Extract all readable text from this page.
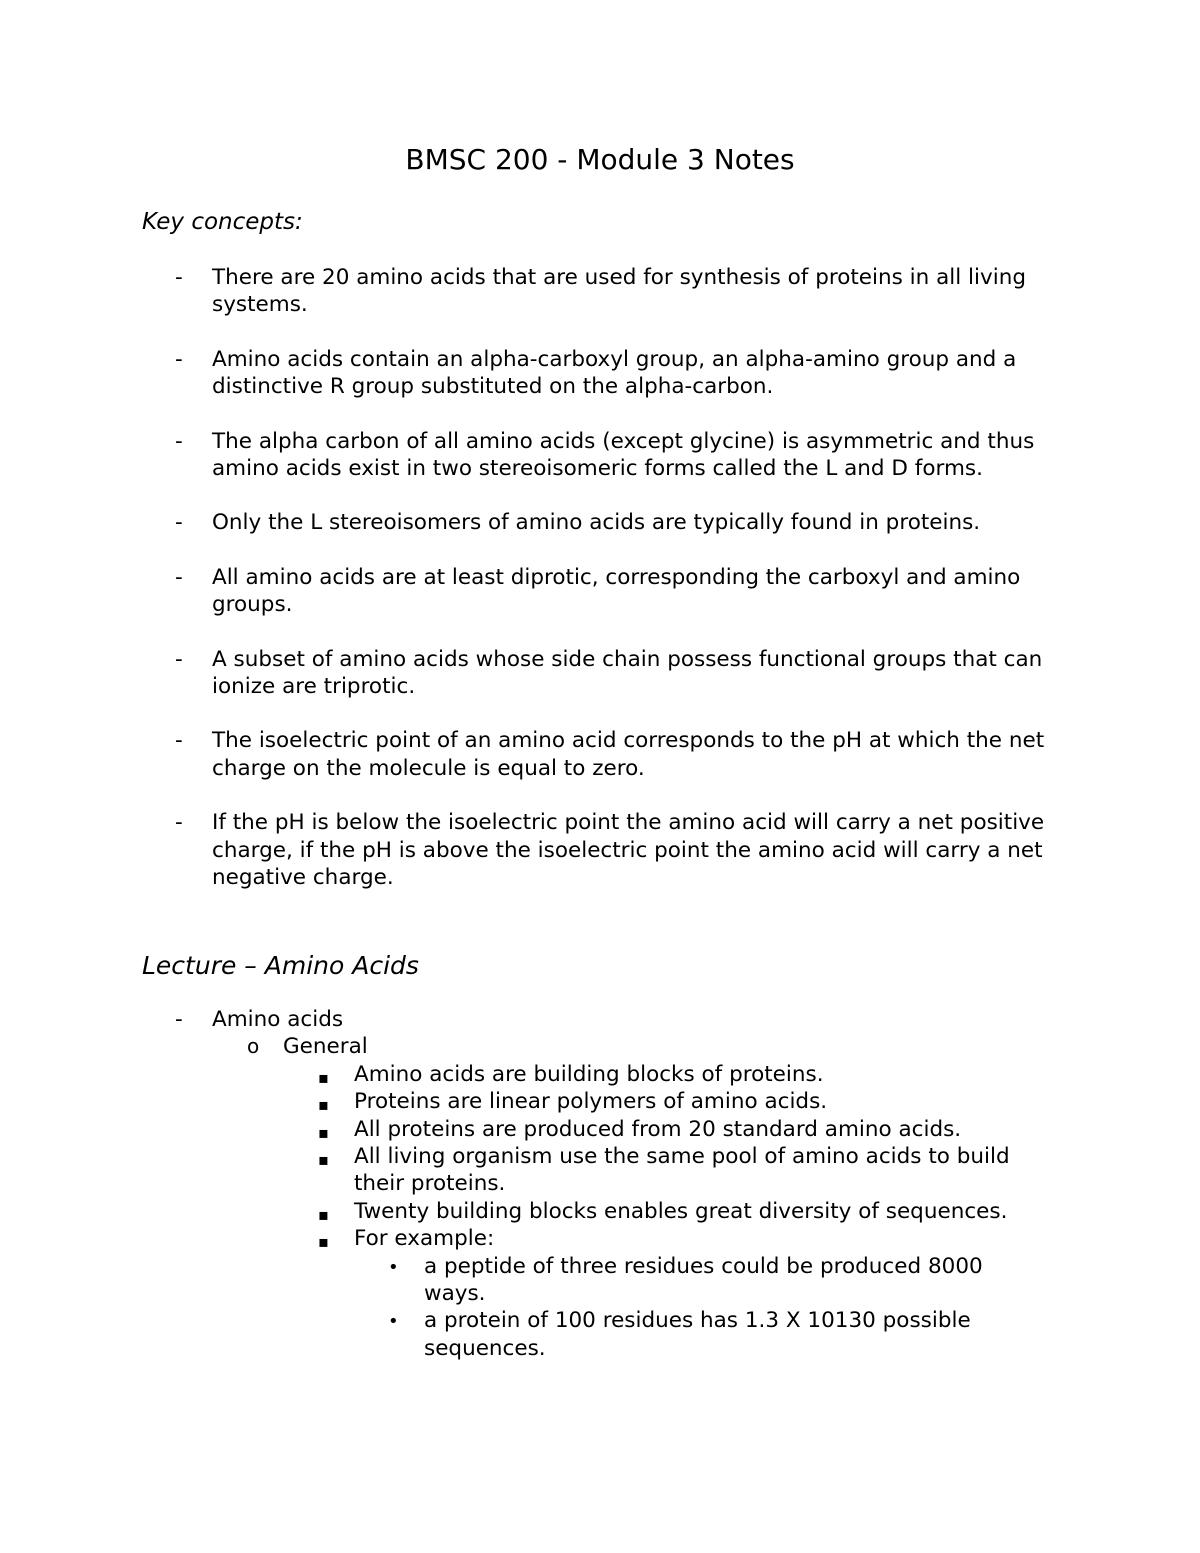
BMSC 200 - Module 3 Notes
Key concepts:
- There are 20 amino acids that are used for synthesis of proteins in all living systems.
- Amino acids contain an alpha-carboxyl group, an alpha-amino group and a distinctive R group substituted on the alpha-carbon.
- The alpha carbon of all amino acids (except glycine) is asymmetric and thus amino acids exist in two stereoisomeric forms called the L and D forms.
- Only the L stereoisomers of amino acids are typically found in proteins.
- All amino acids are at least diprotic, corresponding the carboxyl and amino groups.
- A subset of amino acids whose side chain possess functional groups that can ionize are triprotic.
- The isoelectric point of an amino acid corresponds to the pH at which the net charge on the molecule is equal to zero.
- If the pH is below the isoelectric point the amino acid will carry a net positive charge, if the pH is above the isoelectric point the amino acid will carry a net negative charge.
Lecture – Amino Acids
- Amino acids
o General
▪ Amino acids are building blocks of proteins.
▪ Proteins are linear polymers of amino acids.
▪ All proteins are produced from 20 standard amino acids.
▪ All living organism use the same pool of amino acids to build their proteins.
▪ Twenty building blocks enables great diversity of sequences.
▪ For example:
• a peptide of three residues could be produced 8000 ways.
• a protein of 100 residues has 1.3 X 10130 possible sequences.
